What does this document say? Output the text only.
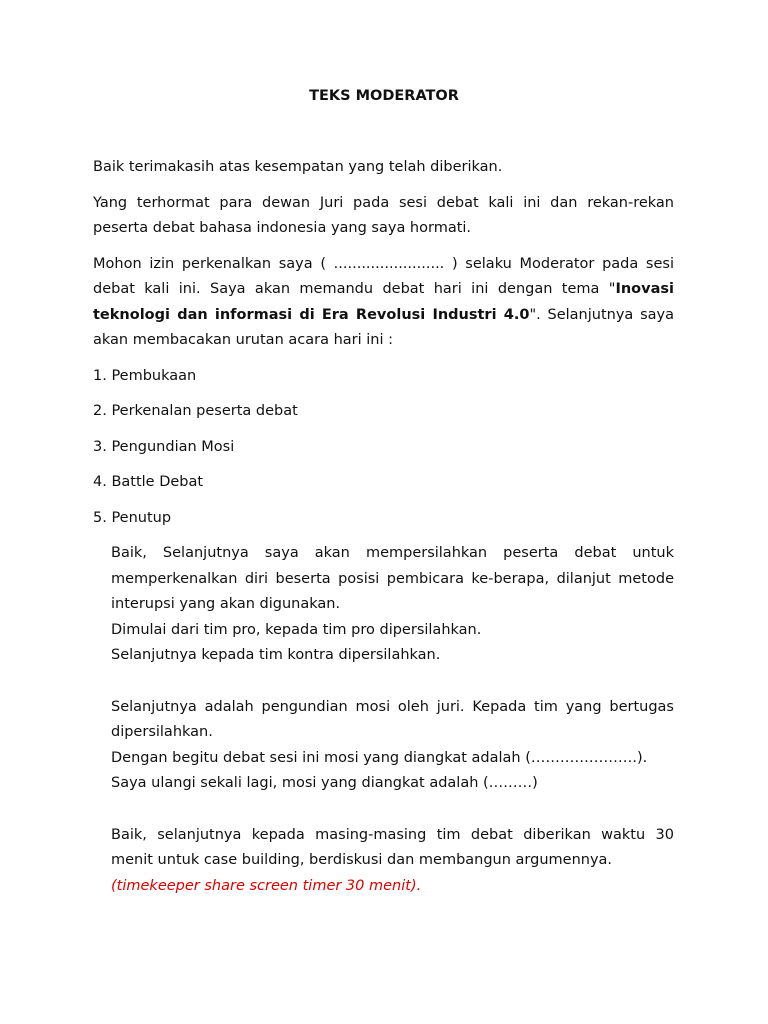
TEKS MODERATOR

Baik terimakasih atas kesempatan yang telah diberikan.

Yang terhormat para dewan Juri pada sesi debat kali ini dan rekan-rekan peserta debat bahasa indonesia yang saya hormati.

Mohon izin perkenalkan saya ( ........................ ) selaku Moderator pada sesi debat kali ini. Saya akan memandu debat hari ini dengan tema "Inovasi teknologi dan informasi di Era Revolusi Industri 4.0". Selanjutnya saya akan membacakan urutan acara hari ini :

1. Pembukaan

2. Perkenalan peserta debat

3. Pengundian Mosi

4. Battle Debat

5. Penutup

Baik, Selanjutnya saya akan mempersilahkan peserta debat untuk memperkenalkan diri beserta posisi pembicara ke-berapa, dilanjut metode interupsi yang akan digunakan.

Dimulai dari tim pro, kepada tim pro dipersilahkan.

Selanjutnya kepada tim kontra dipersilahkan.

Selanjutnya adalah pengundian mosi oleh juri. Kepada tim yang bertugas dipersilahkan.

Dengan begitu debat sesi ini mosi yang diangkat adalah (………………….).

Saya ulangi sekali lagi, mosi yang diangkat adalah (………)

Baik, selanjutnya kepada masing-masing tim debat diberikan waktu 30 menit untuk case building, berdiskusi dan membangun argumennya.

(timekeeper share screen timer 30 menit).
